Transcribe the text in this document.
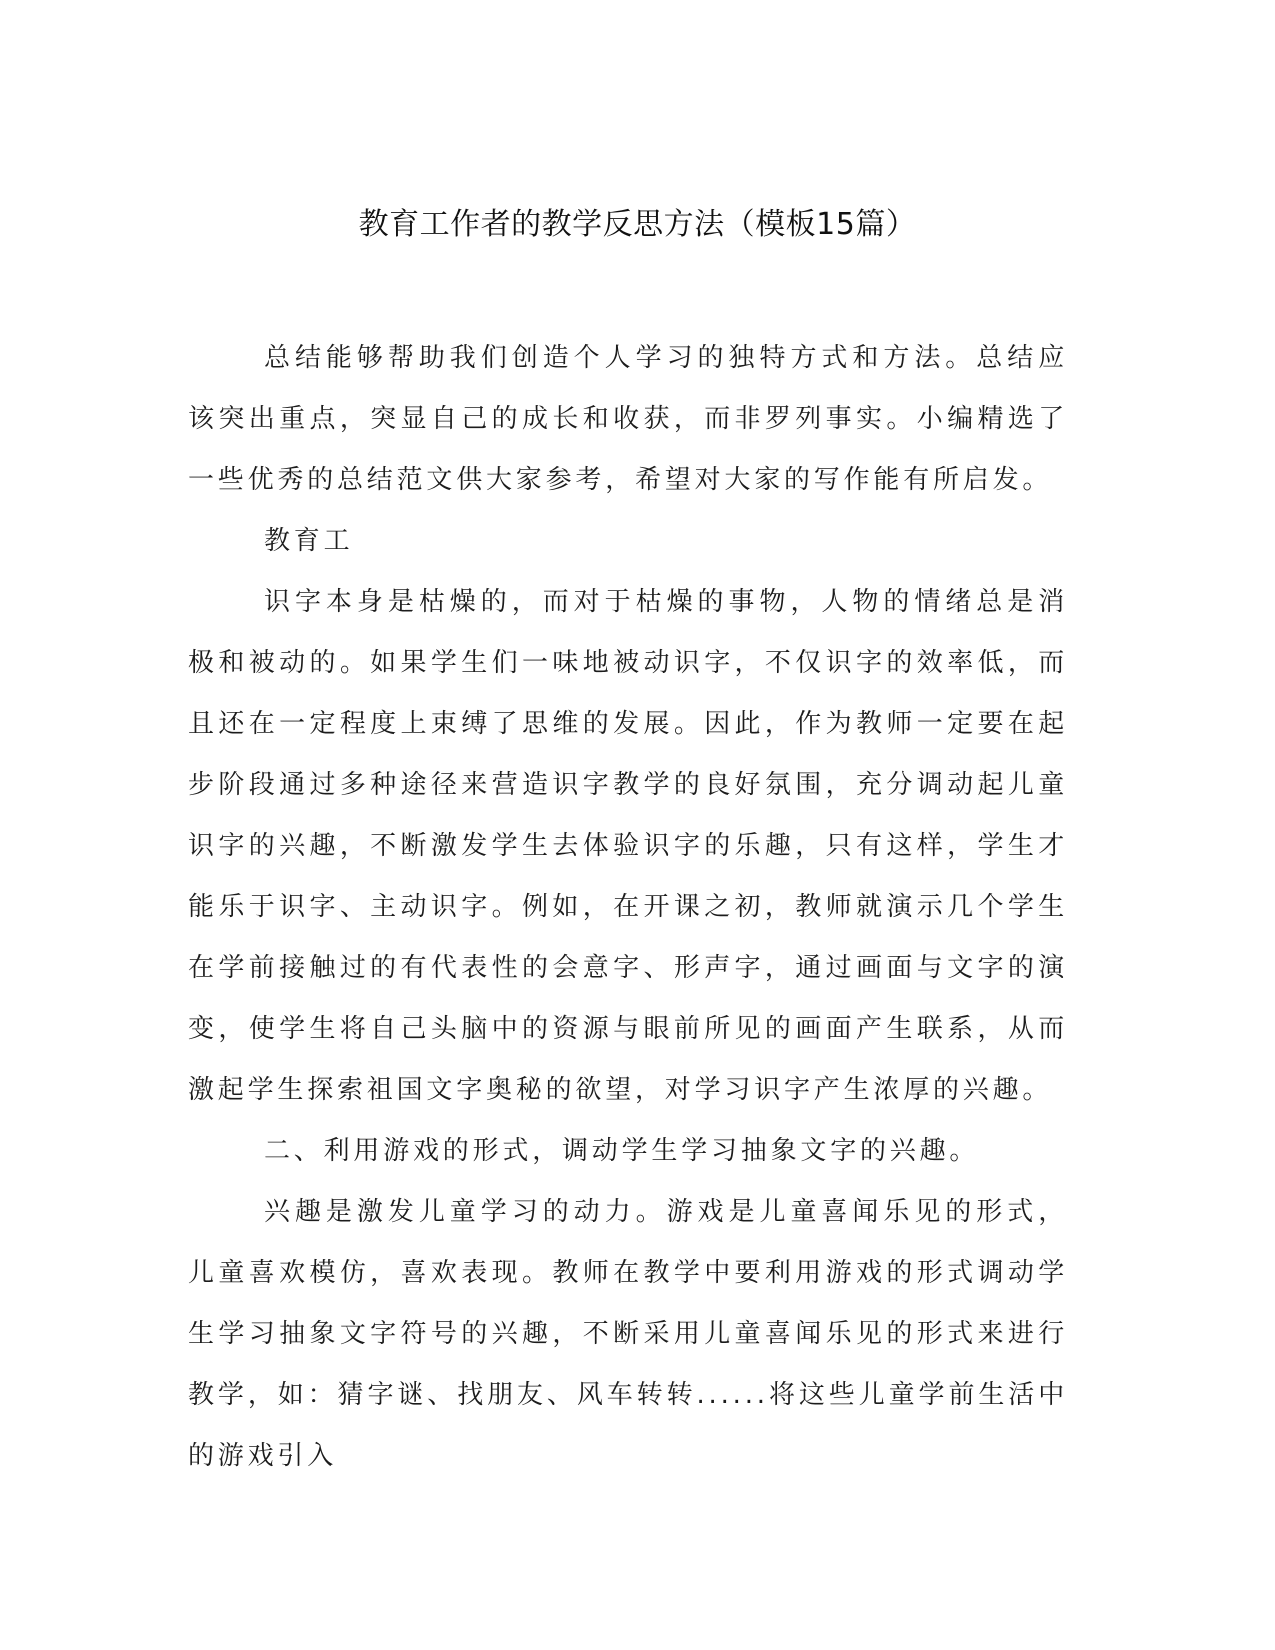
教育工作者的教学反思方法（模板15篇）

总结能够帮助我们创造个人学习的独特方式和方法。总结应该突出重点，突显自己的成长和收获，而非罗列事实。小编精选了一些优秀的总结范文供大家参考，希望对大家的写作能有所启发。

教育工

识字本身是枯燥的，而对于枯燥的事物，人物的情绪总是消极和被动的。如果学生们一味地被动识字，不仅识字的效率低，而且还在一定程度上束缚了思维的发展。因此，作为教师一定要在起步阶段通过多种途径来营造识字教学的良好氛围，充分调动起儿童识字的兴趣，不断激发学生去体验识字的乐趣，只有这样，学生才能乐于识字、主动识字。例如，在开课之初，教师就演示几个学生在学前接触过的有代表性的会意字、形声字，通过画面与文字的演变，使学生将自己头脑中的资源与眼前所见的画面产生联系，从而激起学生探索祖国文字奥秘的欲望，对学习识字产生浓厚的兴趣。

二、利用游戏的形式，调动学生学习抽象文字的兴趣。

兴趣是激发儿童学习的动力。游戏是儿童喜闻乐见的形式，儿童喜欢模仿，喜欢表现。教师在教学中要利用游戏的形式调动学生学习抽象文字符号的兴趣，不断采用儿童喜闻乐见的形式来进行教学，如：猜字谜、找朋友、风车转转......将这些儿童学前生活中的游戏引入
